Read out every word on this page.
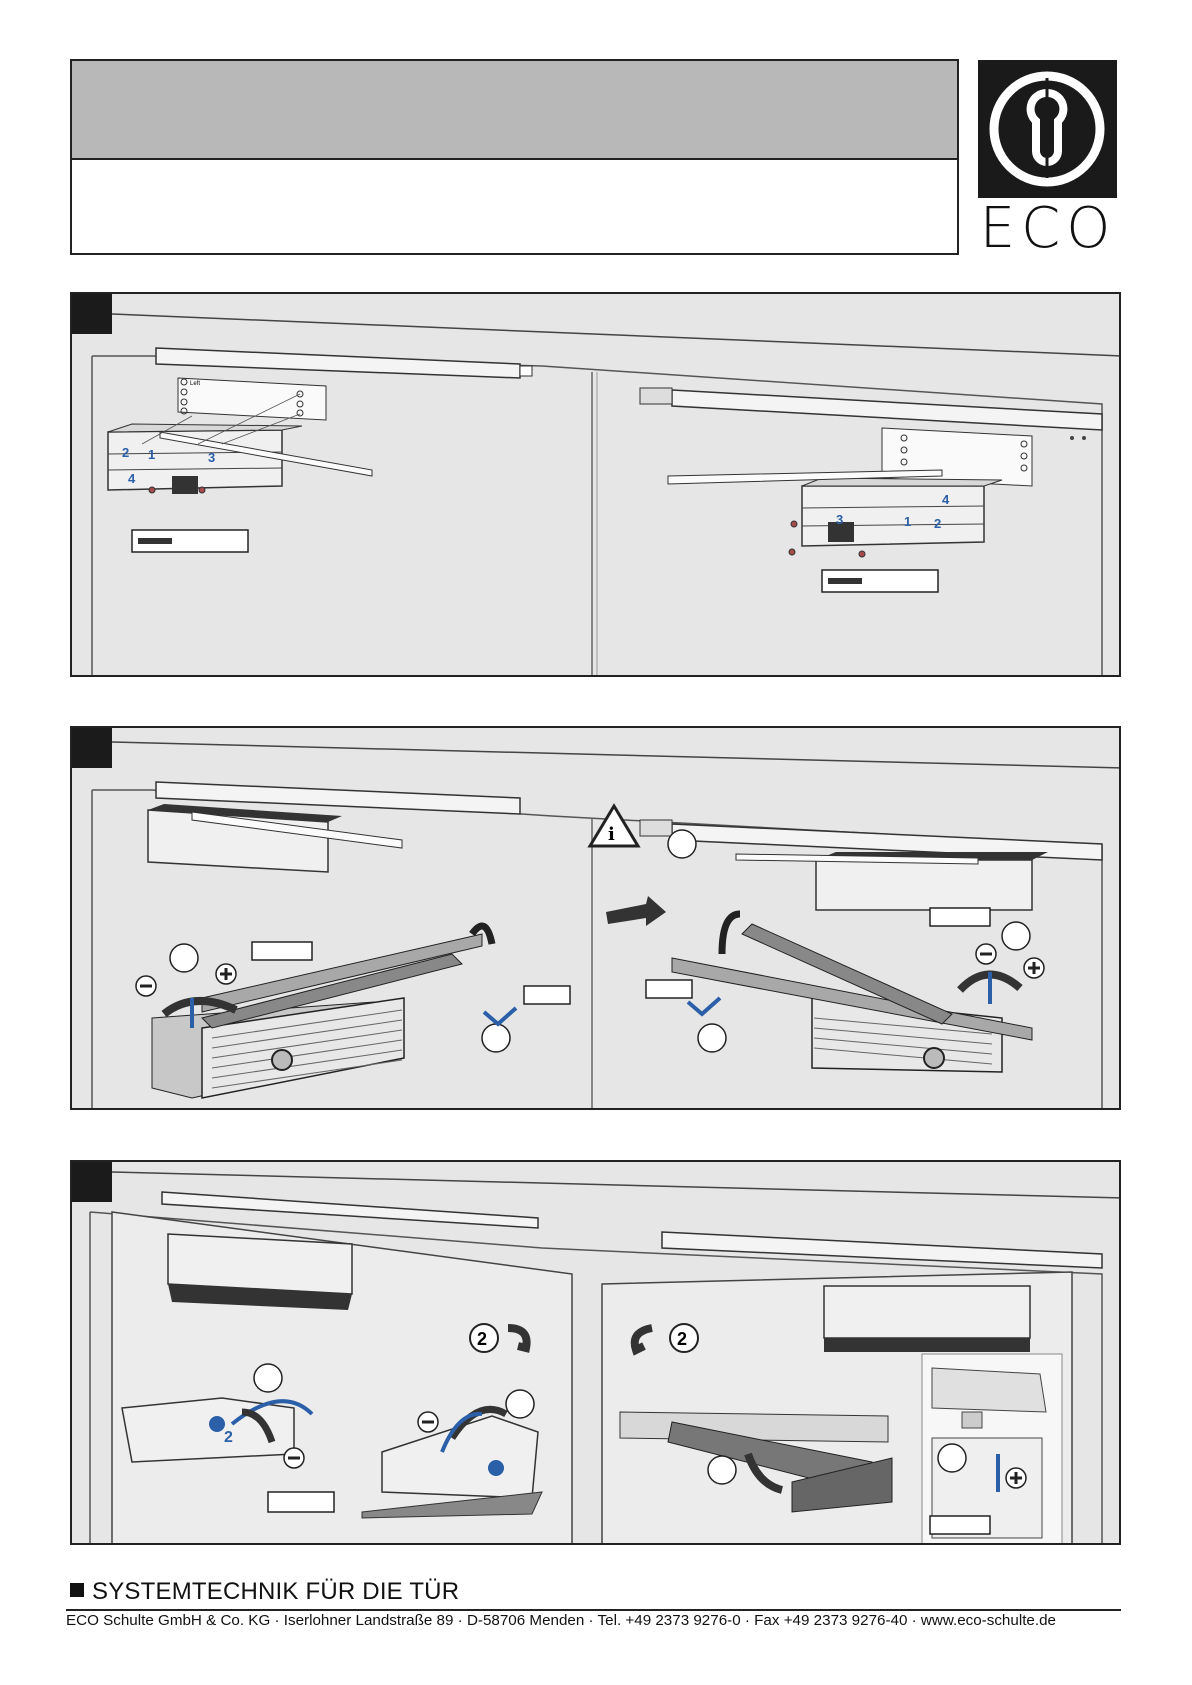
ECO
Left
2 1	3
4
3	1 2
4
i
2	2
2
SYSTEMTECHNIK FÜR DIE TÜR
ECO Schulte GmbH & Co. KG · Iserlohner Landstraße 89 · D-58706 Menden · Tel. +49 2373 9276-0 · Fax +49 2373 9276-40 · www.eco-schulte.de
